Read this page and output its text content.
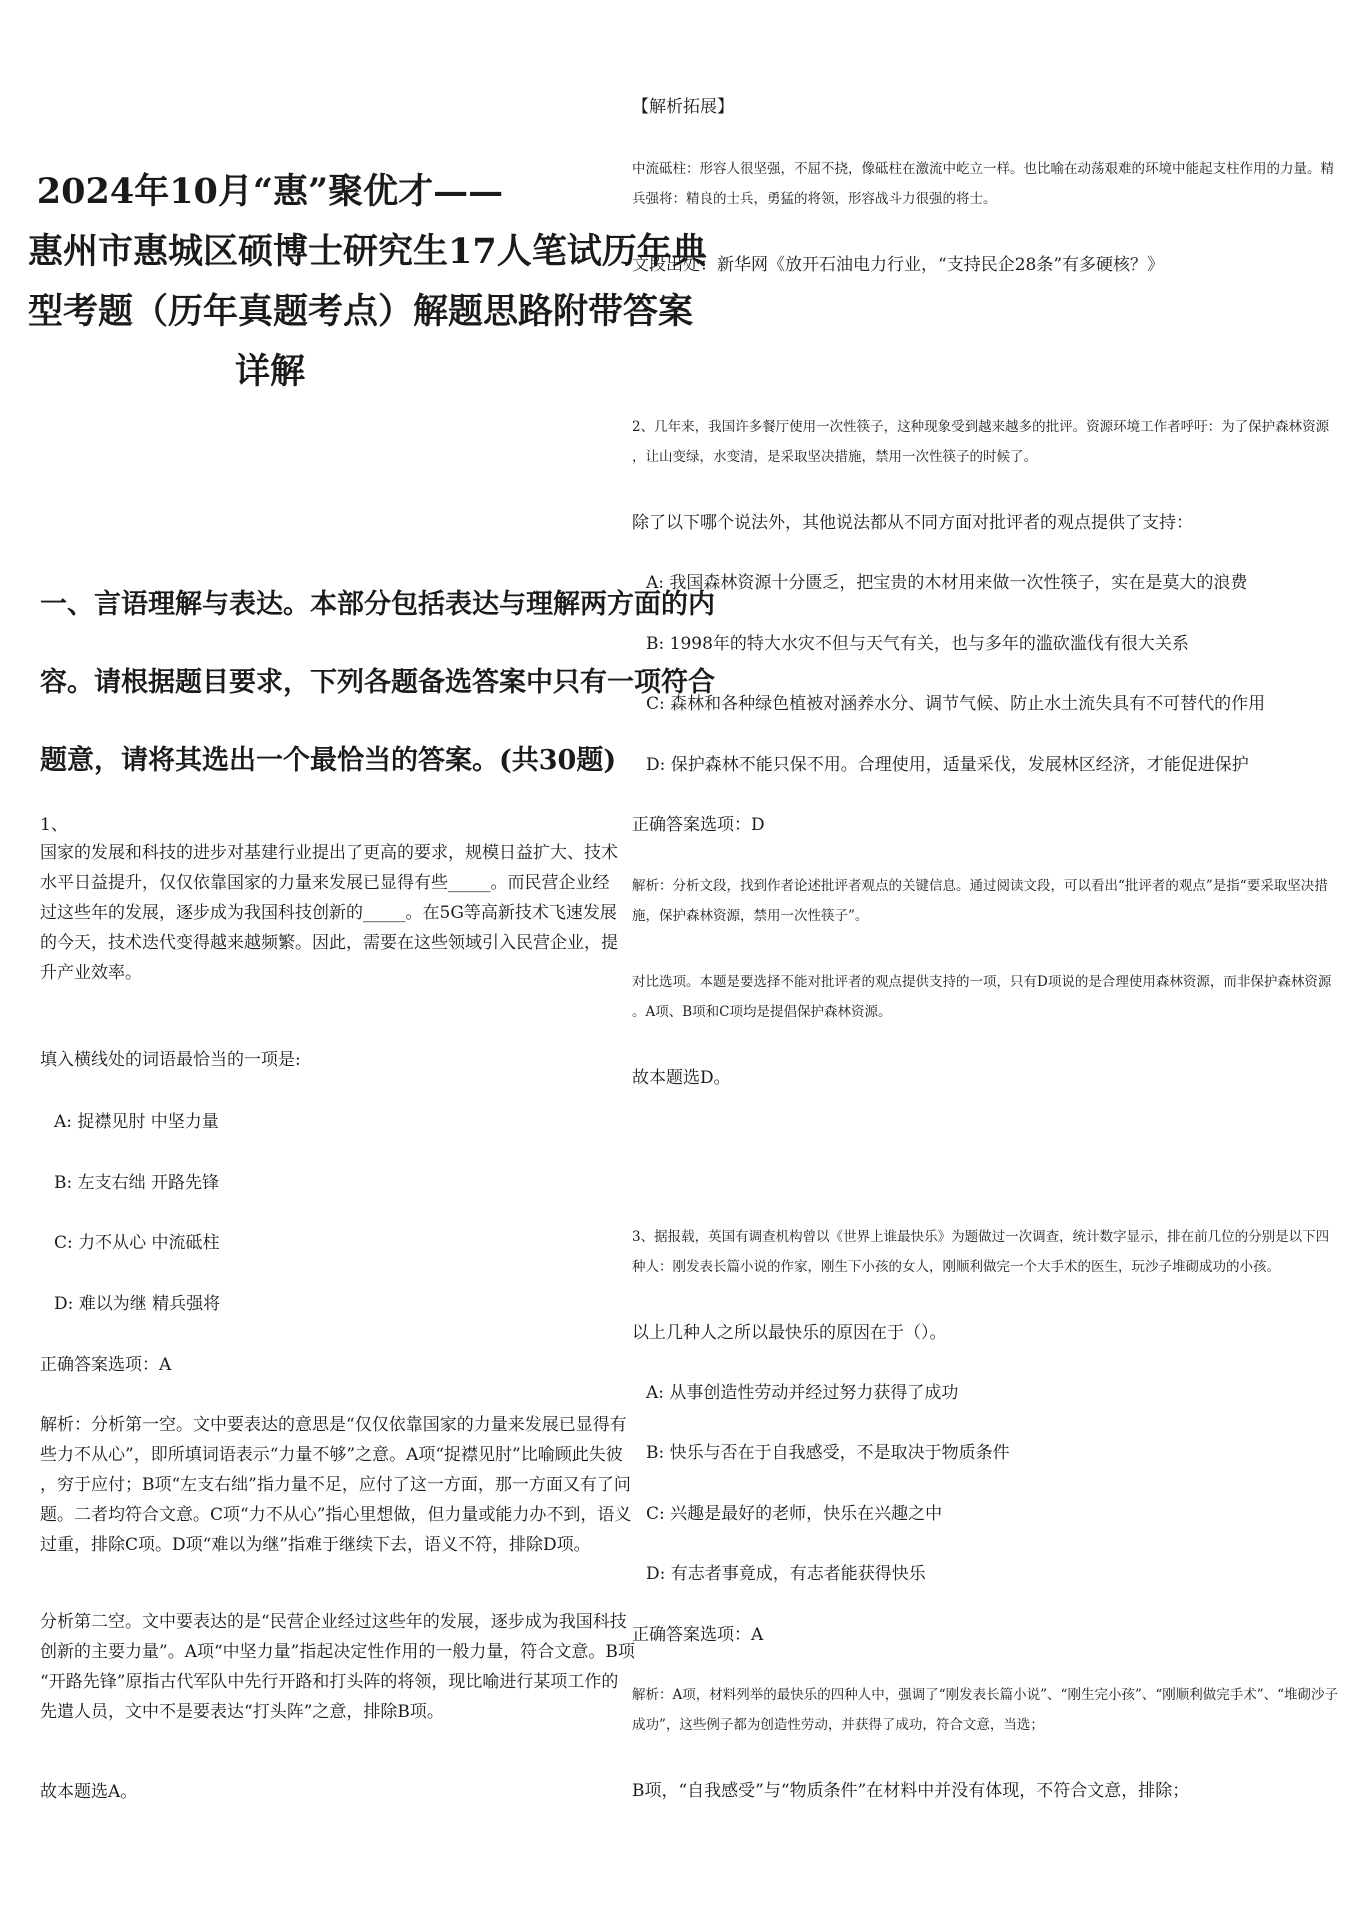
2024年10月“惠”聚优才——
惠州市惠城区硕博士研究生17人笔试历年典
型考题（历年真题考点）解题思路附带答案
详解
一、言语理解与表达。本部分包括表达与理解两方面的内
容。请根据题目要求，下列各题备选答案中只有一项符合
题意，请将其选出一个最恰当的答案。(共30题)
1、
国家的发展和科技的进步对基建行业提出了更高的要求，规模日益扩大、技术
水平日益提升，仅仅依靠国家的力量来发展已显得有些_____。而民营企业经
过这些年的发展，逐步成为我国科技创新的_____。在5G等高新技术飞速发展
的今天，技术迭代变得越来越频繁。因此，需要在这些领域引入民营企业，提
升产业效率。
填入横线处的词语最恰当的一项是:
A: 捉襟见肘 中坚力量
B: 左支右绌 开路先锋
C: 力不从心 中流砥柱
D: 难以为继 精兵强将
正确答案选项：A
解析：分析第一空。文中要表达的意思是“仅仅依靠国家的力量来发展已显得有
些力不从心”，即所填词语表示“力量不够”之意。A项“捉襟见肘”比喻顾此失彼
，穷于应付；B项“左支右绌”指力量不足，应付了这一方面，那一方面又有了问
题。二者均符合文意。C项“力不从心”指心里想做，但力量或能力办不到，语义
过重，排除C项。D项“难以为继”指难于继续下去，语义不符，排除D项。
分析第二空。文中要表达的是“民营企业经过这些年的发展，逐步成为我国科技
创新的主要力量”。A项“中坚力量”指起决定性作用的一般力量，符合文意。B项
“开路先锋”原指古代军队中先行开路和打头阵的将领，现比喻进行某项工作的
先遣人员，文中不是要表达“打头阵”之意，排除B项。
故本题选A。
【解析拓展】
中流砥柱：形容人很坚强，不屈不挠，像砥柱在激流中屹立一样。也比喻在动荡艰难的环境中能起支柱作用的力量。精
兵强将：精良的士兵，勇猛的将领，形容战斗力很强的将士。
文段出处：新华网《放开石油电力行业，“支持民企28条”有多硬核？》
2、几年来，我国许多餐厅使用一次性筷子，这种现象受到越来越多的批评。资源环境工作者呼吁：为了保护森林资源
，让山变绿，水变清，是采取坚决措施，禁用一次性筷子的时候了。
除了以下哪个说法外，其他说法都从不同方面对批评者的观点提供了支持：
A: 我国森林资源十分匮乏，把宝贵的木材用来做一次性筷子，实在是莫大的浪费
B: 1998年的特大水灾不但与天气有关，也与多年的滥砍滥伐有很大关系
C: 森林和各种绿色植被对涵养水分、调节气候、防止水土流失具有不可替代的作用
D: 保护森林不能只保不用。合理使用，适量采伐，发展林区经济，才能促进保护
正确答案选项：D
解析：分析文段，找到作者论述批评者观点的关键信息。通过阅读文段，可以看出“批评者的观点”是指“要采取坚决措
施，保护森林资源，禁用一次性筷子”。
对比选项。本题是要选择不能对批评者的观点提供支持的一项，只有D项说的是合理使用森林资源，而非保护森林资源
。A项、B项和C项均是提倡保护森林资源。
故本题选D。
3、据报载，英国有调查机构曾以《世界上谁最快乐》为题做过一次调查，统计数字显示，排在前几位的分别是以下四
种人：刚发表长篇小说的作家，刚生下小孩的女人，刚顺利做完一个大手术的医生，玩沙子堆砌成功的小孩。
以上几种人之所以最快乐的原因在于（）。
A: 从事创造性劳动并经过努力获得了成功
B: 快乐与否在于自我感受，不是取决于物质条件
C: 兴趣是最好的老师，快乐在兴趣之中
D: 有志者事竟成，有志者能获得快乐
正确答案选项：A
解析：A项，材料列举的最快乐的四种人中，强调了“刚发表长篇小说”、“刚生完小孩”、“刚顺利做完手术”、“堆砌沙子
成功”，这些例子都为创造性劳动，并获得了成功，符合文意，当选；
B项，“自我感受”与“物质条件”在材料中并没有体现，不符合文意，排除；
